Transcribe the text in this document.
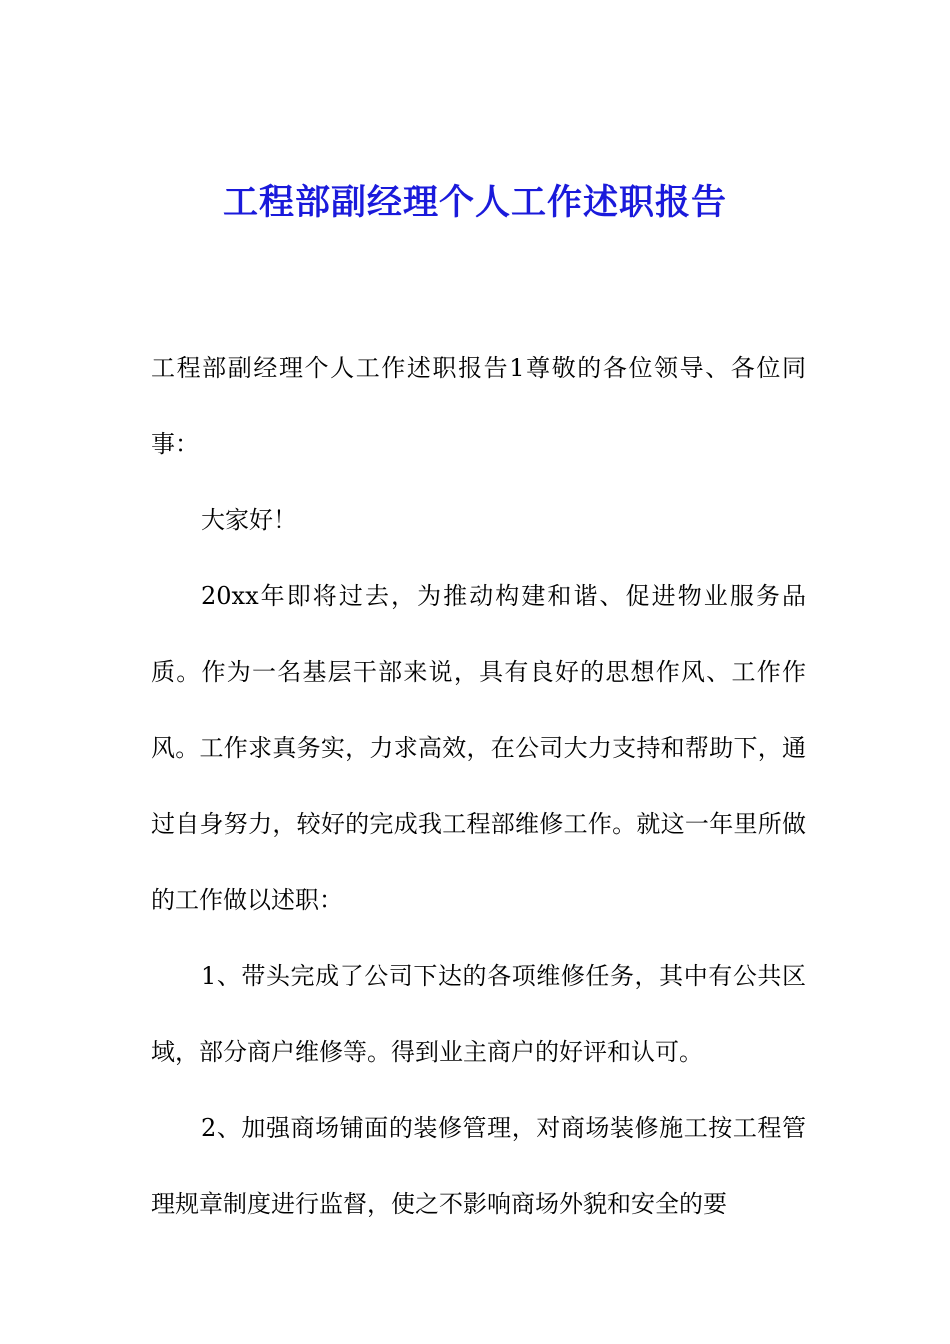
工程部副经理个人工作述职报告

工程部副经理个人工作述职报告1尊敬的各位领导、各位同事：

大家好！

20xx年即将过去，为推动构建和谐、促进物业服务品质。作为一名基层干部来说，具有良好的思想作风、工作作风。工作求真务实，力求高效，在公司大力支持和帮助下，通过自身努力，较好的完成我工程部维修工作。就这一年里所做的工作做以述职：

1、带头完成了公司下达的各项维修任务，其中有公共区域，部分商户维修等。得到业主商户的好评和认可。

2、加强商场铺面的装修管理，对商场装修施工按工程管理规章制度进行监督，使之不影响商场外貌和安全的要
